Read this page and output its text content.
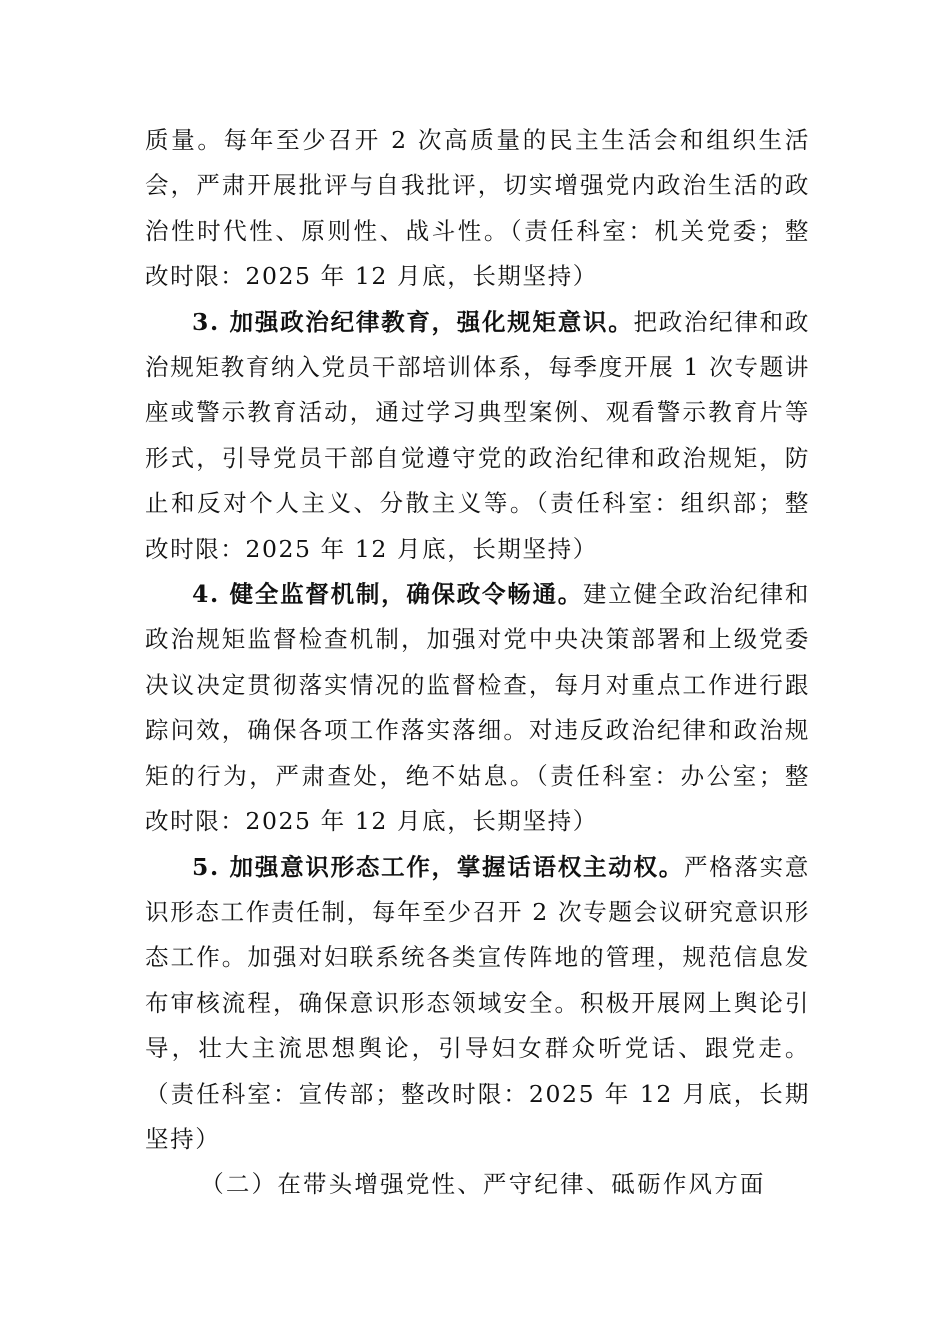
质量。每年至少召开 2 次高质量的民主生活会和组织生活会，严肃开展批评与自我批评，切实增强党内政治生活的政治性时代性、原则性、战斗性。（责任科室：机关党委；整改时限：2025 年 12 月底，长期坚持）

3. 加强政治纪律教育，强化规矩意识。把政治纪律和政治规矩教育纳入党员干部培训体系，每季度开展 1 次专题讲座或警示教育活动，通过学习典型案例、观看警示教育片等形式，引导党员干部自觉遵守党的政治纪律和政治规矩，防止和反对个人主义、分散主义等。（责任科室：组织部；整改时限：2025 年 12 月底，长期坚持）

4. 健全监督机制，确保政令畅通。建立健全政治纪律和政治规矩监督检查机制，加强对党中央决策部署和上级党委决议决定贯彻落实情况的监督检查，每月对重点工作进行跟踪问效，确保各项工作落实落细。对违反政治纪律和政治规矩的行为，严肃查处，绝不姑息。（责任科室：办公室；整改时限：2025 年 12 月底，长期坚持）

5. 加强意识形态工作，掌握话语权主动权。严格落实意识形态工作责任制，每年至少召开 2 次专题会议研究意识形态工作。加强对妇联系统各类宣传阵地的管理，规范信息发布审核流程，确保意识形态领域安全。积极开展网上舆论引导，壮大主流思想舆论，引导妇女群众听党话、跟党走。（责任科室：宣传部；整改时限：2025 年 12 月底，长期坚持）

（二）在带头增强党性、严守纪律、砥砺作风方面
